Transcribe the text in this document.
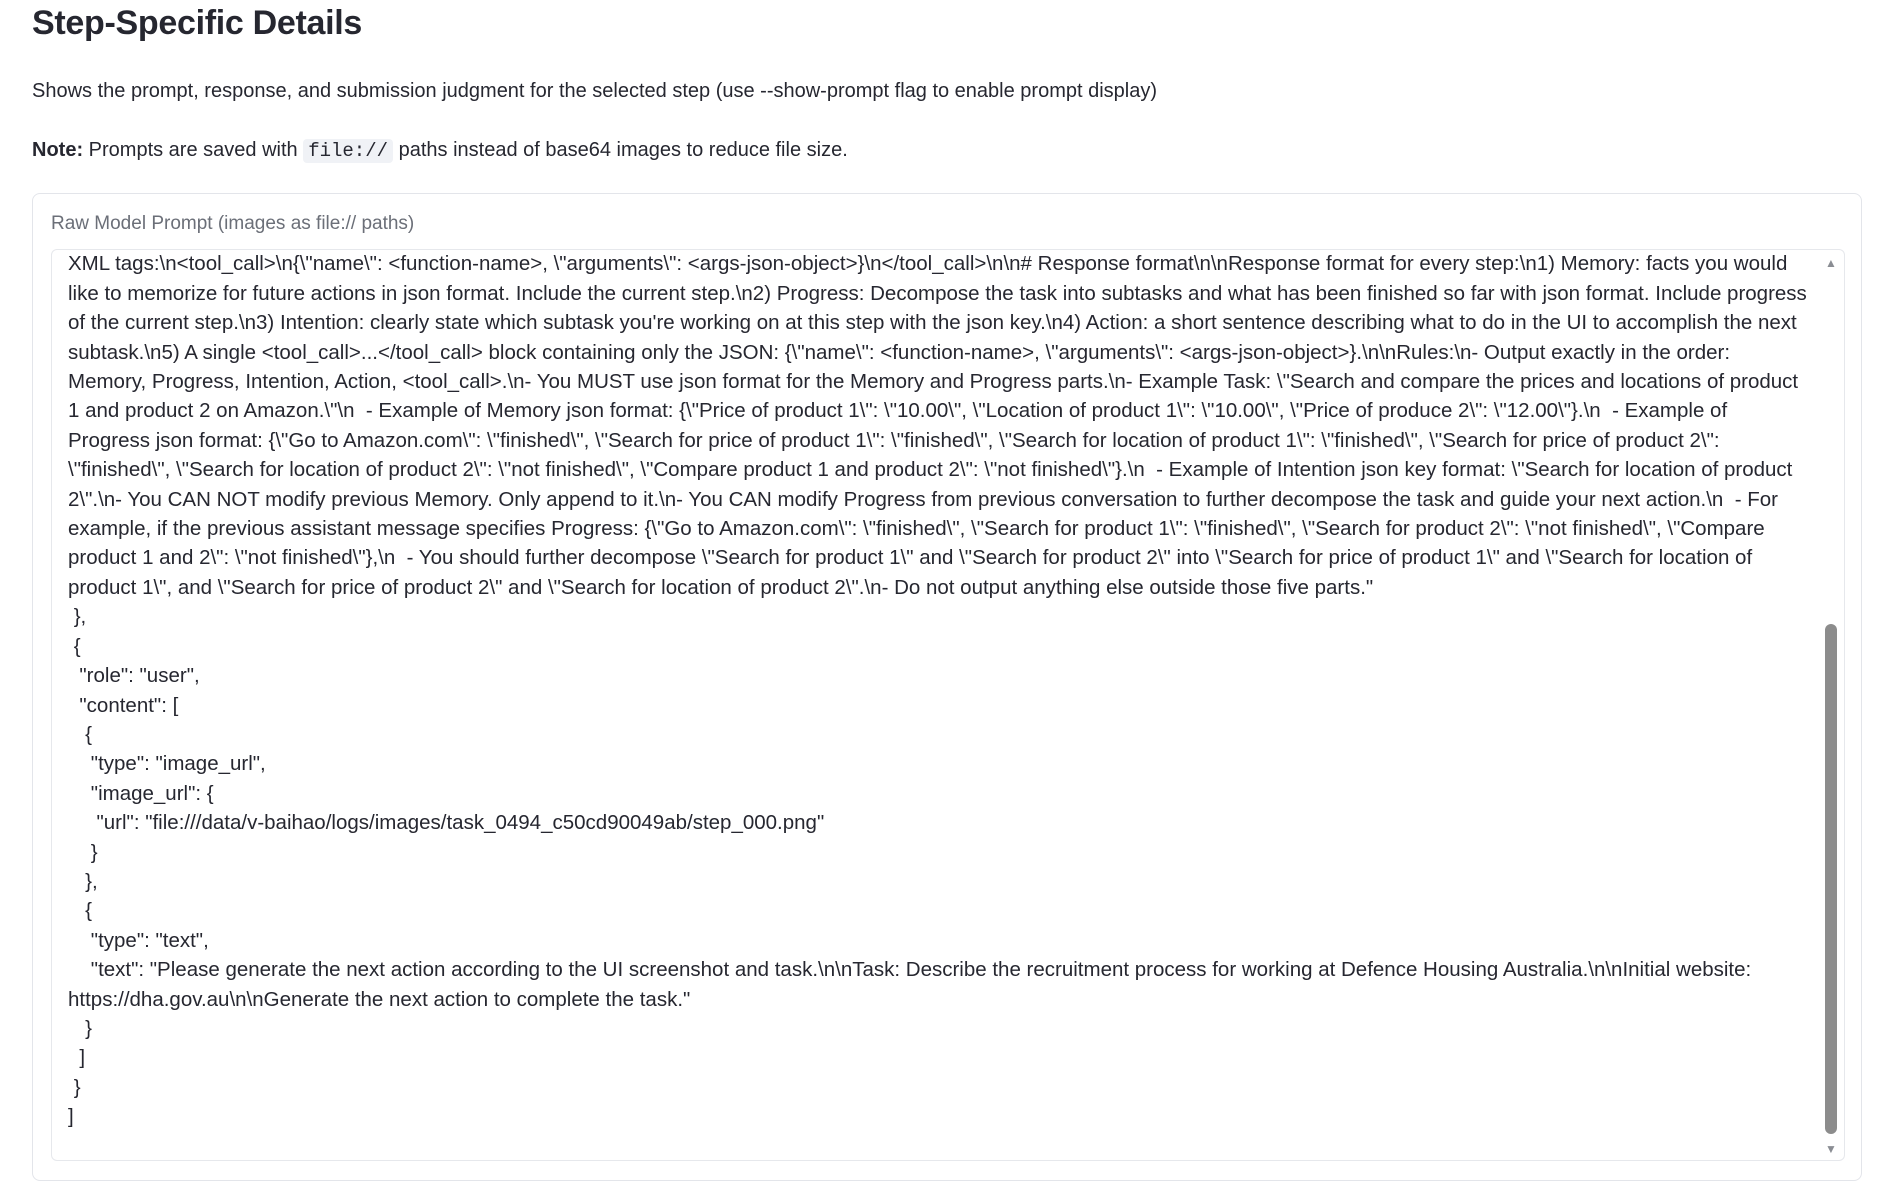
Step-Specific Details

Shows the prompt, response, and submission judgment for the selected step (use --show-prompt flag to enable prompt display)

Note: Prompts are saved with file:// paths instead of base64 images to reduce file size.

Raw Model Prompt (images as file:// paths)
XML tags:\n<tool_call>\n{\"name\": <function-name>, \"arguments\": <args-json-object>}\n</tool_call>\n\n# Response format\n\nResponse format for every step:\n1) Memory: facts you would like to memorize for future actions in json format. Include the current step.\n2) Progress: Decompose the task into subtasks and what has been finished so far with json format. Include progress of the current step.\n3) Intention: clearly state which subtask you're working on at this step with the json key.\n4) Action: a short sentence describing what to do in the UI to accomplish the next subtask.\n5) A single <tool_call>...</tool_call> block containing only the JSON: {\"name\": <function-name>, \"arguments\": <args-json-object>}.\n\nRules:\n- Output exactly in the order: Memory, Progress, Intention, Action, <tool_call>.\n- You MUST use json format for the Memory and Progress parts.\n- Example Task: \"Search and compare the prices and locations of product 1 and product 2 on Amazon.\"\n  - Example of Memory json format: {\"Price of product 1\": \"10.00\", \"Location of product 1\": \"10.00\", \"Price of produce 2\": \"12.00\"}.\n  - Example of Progress json format: {\"Go to Amazon.com\": \"finished\", \"Search for price of product 1\": \"finished\", \"Search for location of product 1\": \"finished\", \"Search for price of product 2\": \"finished\", \"Search for location of product 2\": \"not finished\", \"Compare product 1 and product 2\": \"not finished\"}.\n  - Example of Intention json key format: \"Search for location of product 2\".\n- You CAN NOT modify previous Memory. Only append to it.\n- You CAN modify Progress from previous conversation to further decompose the task and guide your next action.\n  - For example, if the previous assistant message specifies Progress: {\"Go to Amazon.com\": \"finished\", \"Search for product 1\": \"finished\", \"Search for product 2\": \"not finished\", \"Compare product 1 and 2\": \"not finished\"},\n  - You should further decompose \"Search for product 1\" and \"Search for product 2\" into \"Search for price of product 1\" and \"Search for location of product 1\", and \"Search for price of product 2\" and \"Search for location of product 2\".\n- Do not output anything else outside those five parts."
},
{
"role": "user",
"content": [
{
"type": "image_url",
"image_url": {
"url": "file:///data/v-baihao/logs/images/task_0494_c50cd90049ab/step_000.png"
}
},
{
"type": "text",
"text": "Please generate the next action according to the UI screenshot and task.\n\nTask: Describe the recruitment process for working at Defence Housing Australia.\n\nInitial website: https://dha.gov.au\n\nGenerate the next action to complete the task."
}
]
}
]
▲
▼
